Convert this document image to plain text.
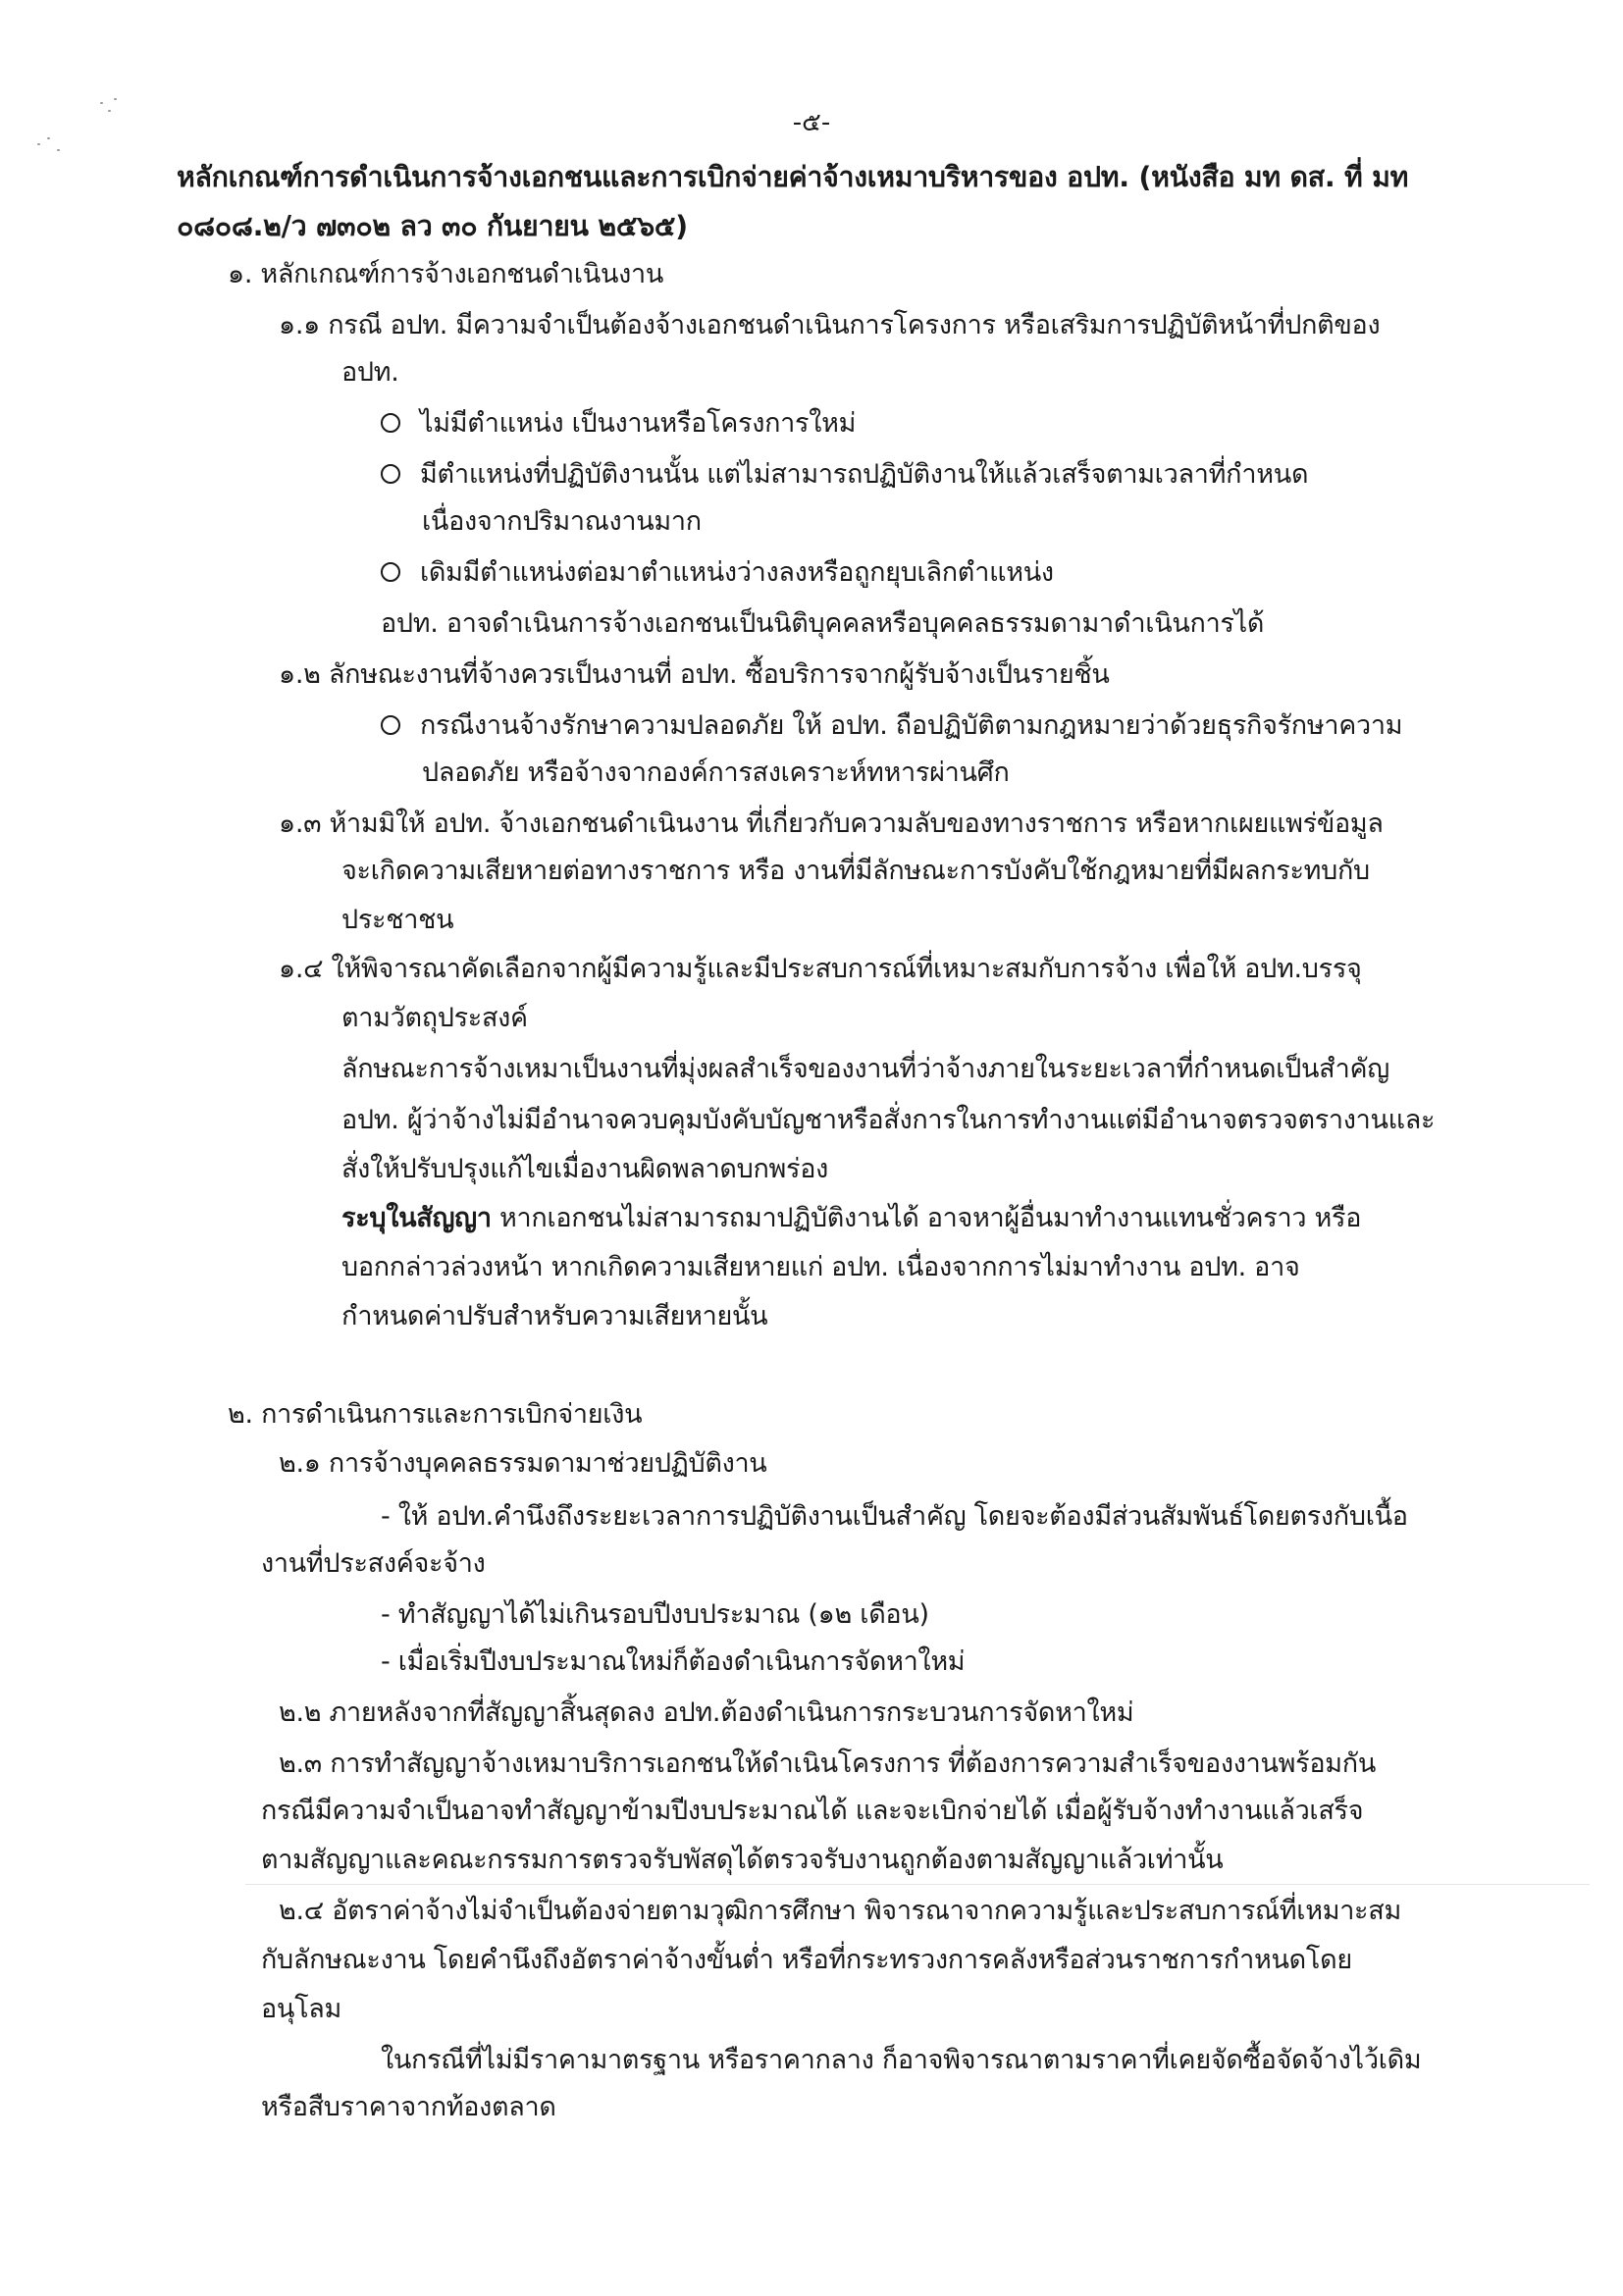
-๕-
หลักเกณฑ์การดำเนินการจ้างเอกชนและการเบิกจ่ายค่าจ้างเหมาบริหารของ อปท. (หนังสือ มท ดส. ที่ มท
๐๘๐๘.๒/ว ๗๓๐๒ ลว ๓๐ กันยายน ๒๕๖๕)
๑. หลักเกณฑ์การจ้างเอกชนดำเนินงาน
๑.๑ กรณี อปท. มีความจำเป็นต้องจ้างเอกชนดำเนินการโครงการ หรือเสริมการปฏิบัติหน้าที่ปกติของ
อปท.
ไม่มีตำแหน่ง เป็นงานหรือโครงการใหม่
มีตำแหน่งที่ปฏิบัติงานนั้น แต่ไม่สามารถปฏิบัติงานให้แล้วเสร็จตามเวลาที่กำหนด
เนื่องจากปริมาณงานมาก
เดิมมีตำแหน่งต่อมาตำแหน่งว่างลงหรือถูกยุบเลิกตำแหน่ง
อปท. อาจดำเนินการจ้างเอกชนเป็นนิติบุคคลหรือบุคคลธรรมดามาดำเนินการได้
๑.๒ ลักษณะงานที่จ้างควรเป็นงานที่ อปท. ซื้อบริการจากผู้รับจ้างเป็นรายชิ้น
กรณีงานจ้างรักษาความปลอดภัย ให้ อปท. ถือปฏิบัติตามกฎหมายว่าด้วยธุรกิจรักษาความ
ปลอดภัย หรือจ้างจากองค์การสงเคราะห์ทหารผ่านศึก
๑.๓ ห้ามมิให้ อปท. จ้างเอกชนดำเนินงาน ที่เกี่ยวกับความลับของทางราชการ หรือหากเผยแพร่ข้อมูล
จะเกิดความเสียหายต่อทางราชการ หรือ งานที่มีลักษณะการบังคับใช้กฎหมายที่มีผลกระทบกับ
ประชาชน
๑.๔ ให้พิจารณาคัดเลือกจากผู้มีความรู้และมีประสบการณ์ที่เหมาะสมกับการจ้าง เพื่อให้ อปท.บรรจุ
ตามวัตถุประสงค์
ลักษณะการจ้างเหมาเป็นงานที่มุ่งผลสำเร็จของงานที่ว่าจ้างภายในระยะเวลาที่กำหนดเป็นสำคัญ
อปท. ผู้ว่าจ้างไม่มีอำนาจควบคุมบังคับบัญชาหรือสั่งการในการทำงานแต่มีอำนาจตรวจตรางานและ
สั่งให้ปรับปรุงแก้ไขเมื่องานผิดพลาดบกพร่อง
ระบุในสัญญา หากเอกชนไม่สามารถมาปฏิบัติงานได้ อาจหาผู้อื่นมาทำงานแทนชั่วคราว หรือ
บอกกล่าวล่วงหน้า หากเกิดความเสียหายแก่ อปท. เนื่องจากการไม่มาทำงาน อปท. อาจ
กำหนดค่าปรับสำหรับความเสียหายนั้น
๒. การดำเนินการและการเบิกจ่ายเงิน
๒.๑ การจ้างบุคคลธรรมดามาช่วยปฏิบัติงาน
- ให้ อปท.คำนึงถึงระยะเวลาการปฏิบัติงานเป็นสำคัญ โดยจะต้องมีส่วนสัมพันธ์โดยตรงกับเนื้อ
งานที่ประสงค์จะจ้าง
- ทำสัญญาได้ไม่เกินรอบปีงบประมาณ (๑๒ เดือน)
- เมื่อเริ่มปีงบประมาณใหม่ก็ต้องดำเนินการจัดหาใหม่
๒.๒ ภายหลังจากที่สัญญาสิ้นสุดลง อปท.ต้องดำเนินการกระบวนการจัดหาใหม่
๒.๓ การทำสัญญาจ้างเหมาบริการเอกชนให้ดำเนินโครงการ ที่ต้องการความสำเร็จของงานพร้อมกัน
กรณีมีความจำเป็นอาจทำสัญญาข้ามปีงบประมาณได้ และจะเบิกจ่ายได้ เมื่อผู้รับจ้างทำงานแล้วเสร็จ
ตามสัญญาและคณะกรรมการตรวจรับพัสดุได้ตรวจรับงานถูกต้องตามสัญญาแล้วเท่านั้น
๒.๔ อัตราค่าจ้างไม่จำเป็นต้องจ่ายตามวุฒิการศึกษา พิจารณาจากความรู้และประสบการณ์ที่เหมาะสม
กับลักษณะงาน โดยคำนึงถึงอัตราค่าจ้างขั้นต่ำ หรือที่กระทรวงการคลังหรือส่วนราชการกำหนดโดย
อนุโลม
ในกรณีที่ไม่มีราคามาตรฐาน หรือราคากลาง ก็อาจพิจารณาตามราคาที่เคยจัดซื้อจัดจ้างไว้เดิม
หรือสืบราคาจากท้องตลาด
